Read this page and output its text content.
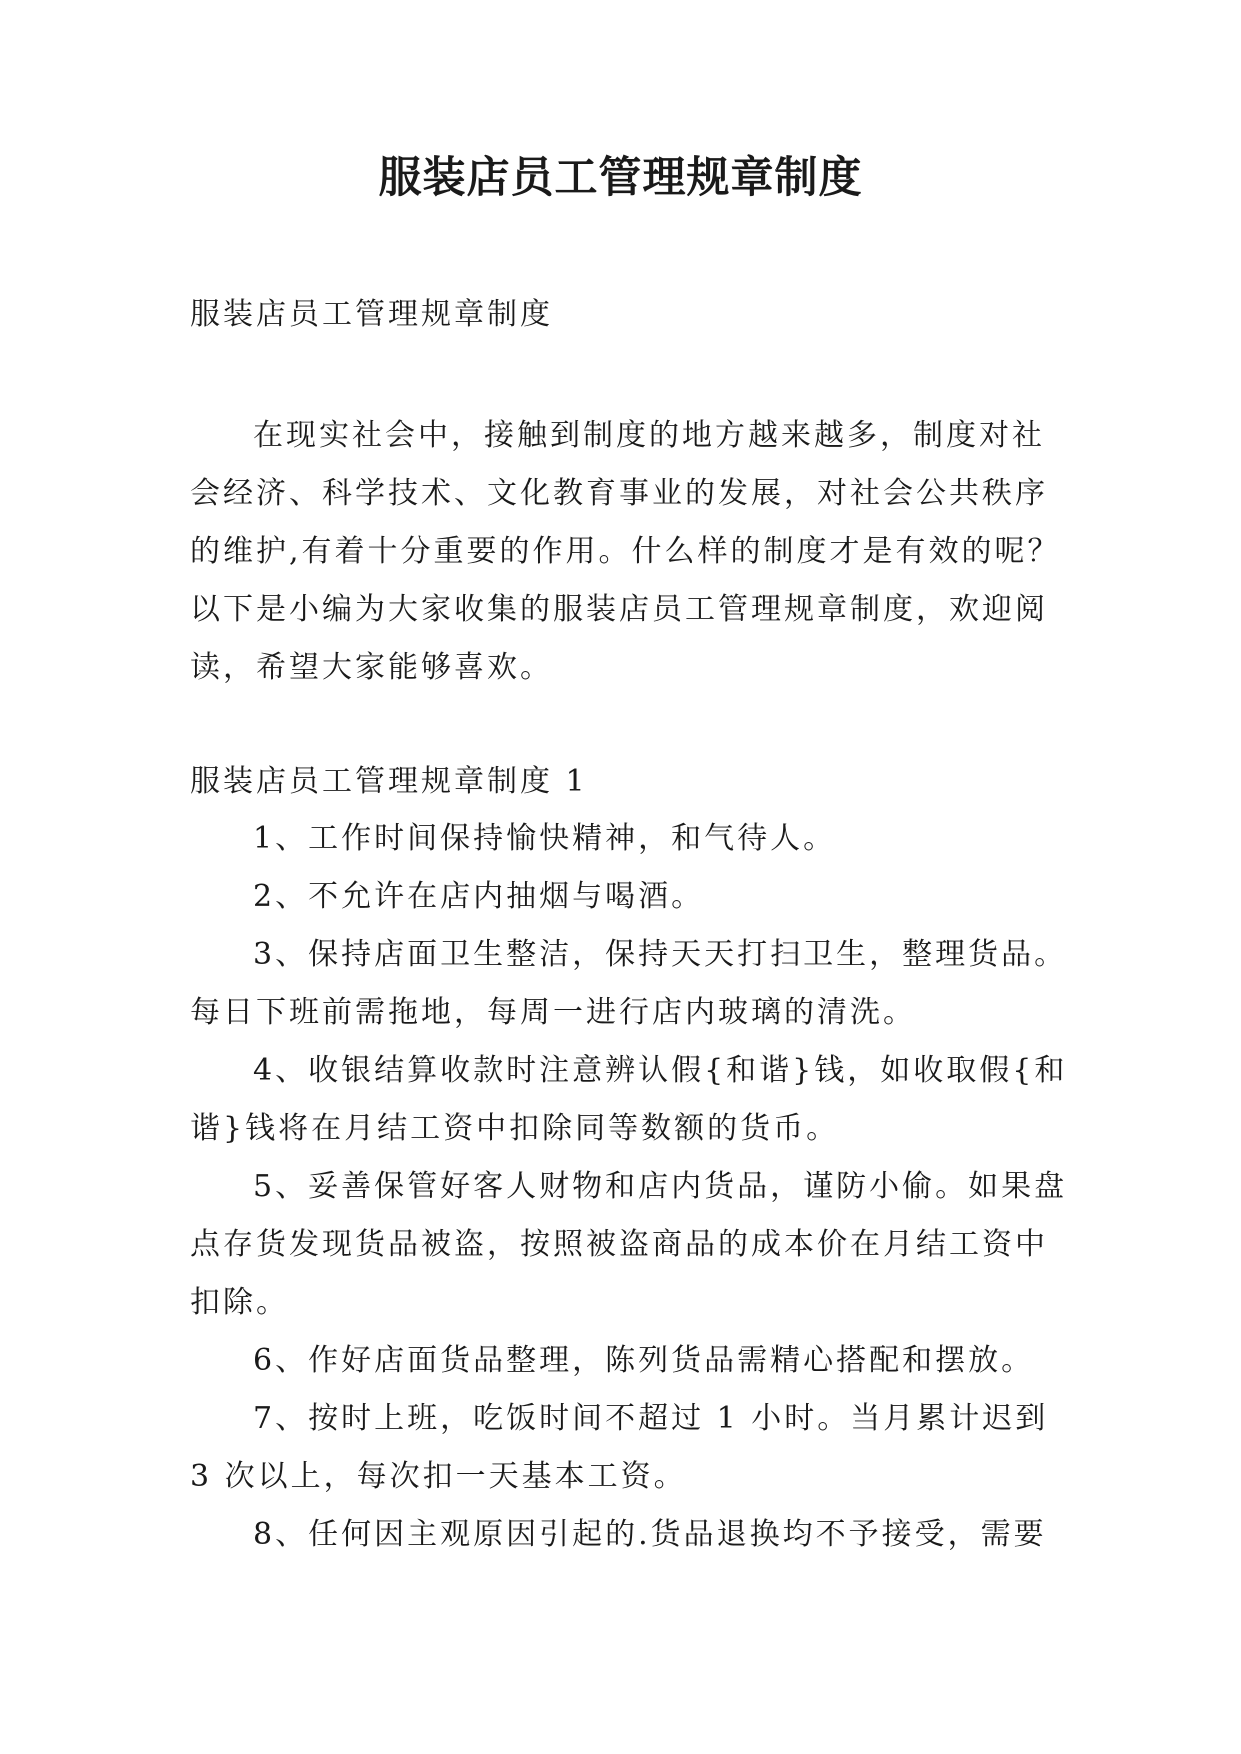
服装店员工管理规章制度

服装店员工管理规章制度

在现实社会中，接触到制度的地方越来越多，制度对社会经济、科学技术、文化教育事业的发展，对社会公共秩序的维护,有着十分重要的作用。什么样的制度才是有效的呢？以下是小编为大家收集的服装店员工管理规章制度，欢迎阅读，希望大家能够喜欢。

服装店员工管理规章制度 1

1、工作时间保持愉快精神，和气待人。

2、不允许在店内抽烟与喝酒。

3、保持店面卫生整洁，保持天天打扫卫生，整理货品。每日下班前需拖地，每周一进行店内玻璃的清洗。

4、收银结算收款时注意辨认假{和谐}钱，如收取假{和谐}钱将在月结工资中扣除同等数额的货币。

5、妥善保管好客人财物和店内货品，谨防小偷。如果盘点存货发现货品被盗，按照被盗商品的成本价在月结工资中扣除。

6、作好店面货品整理，陈列货品需精心搭配和摆放。

7、按时上班，吃饭时间不超过 1 小时。当月累计迟到 3 次以上，每次扣一天基本工资。

8、任何因主观原因引起的.货品退换均不予接受，需要
